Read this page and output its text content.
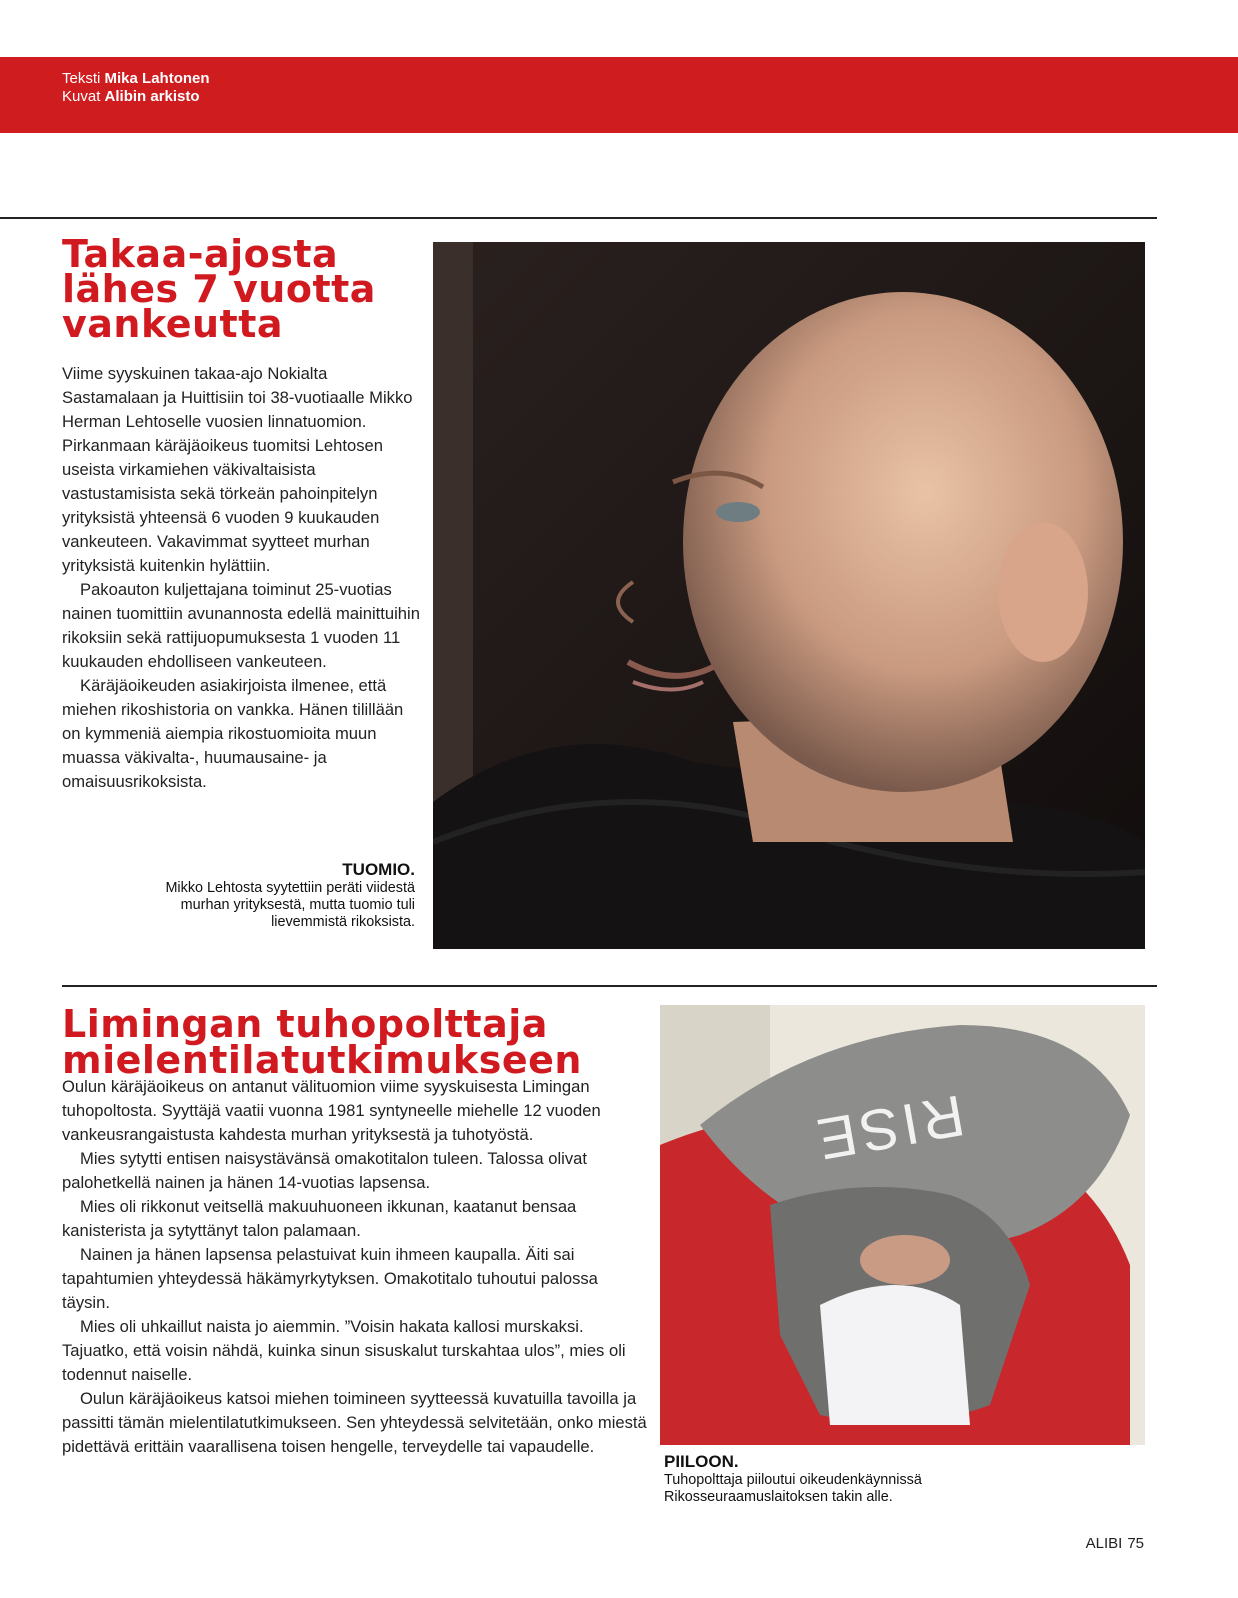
Teksti Mika Lahtonen
Kuvat Alibin arkisto
Takaa-ajosta
lähes 7 vuotta
vankeutta

Viime syyskuinen takaa-ajo Nokialta Sastamalaan ja Huittisiin toi 38-vuotiaalle Mikko Herman Lehtoselle vuosien linnatuomion. Pirkanmaan käräjäoikeus tuomitsi Lehtosen useista virkamiehen väkivaltaisista vastustamisista sekä törkeän pahoinpitelyn yrityksistä yhteensä 6 vuoden 9 kuukauden vankeuteen. Vakavimmat syytteet murhan yrityksistä kuitenkin hylättiin.

Pakoauton kuljettajana toiminut 25-vuotias nainen tuomittiin avunannosta edellä mainittuihin rikoksiin sekä rattijuopumuksesta 1 vuoden 11 kuukauden ehdolliseen vankeuteen.

Käräjäoikeuden asiakirjoista ilmenee, että miehen rikoshistoria on vankka. Hänen tilillään on kymmeniä aiempia rikostuomioita muun muassa väkivalta-, huumausaine- ja omaisuusrikoksista.

TUOMIO.
Mikko Lehtosta syytettiin peräti viidestä murhan yrityksestä, mutta tuomio tuli lievemmistä rikoksista.
Limingan tuhopolttaja
mielentilatutkimukseen

Oulun käräjäoikeus on antanut välituomion viime syyskuisesta Limingan tuhopoltosta. Syyttäjä vaatii vuonna 1981 syntyneelle miehelle 12 vuoden vankeusrangaistusta kahdesta murhan yrityksestä ja tuhotyöstä.

Mies sytytti entisen naisystävänsä omakotitalon tuleen. Talossa olivat palohetkellä nainen ja hänen 14-vuotias lapsensa.

Mies oli rikkonut veitsellä makuuhuoneen ikkunan, kaatanut bensaa kanisterista ja sytyttänyt talon palamaan.

Nainen ja hänen lapsensa pelastuivat kuin ihmeen kaupalla. Äiti sai tapahtumien yhteydessä häkämyrkytyksen. Omakotitalo tuhoutui palossa täysin.

Mies oli uhkaillut naista jo aiemmin. ”Voisin hakata kallosi murskaksi. Tajuatko, että voisin nähdä, kuinka sinun sisuskalut turskahtaa ulos”, mies oli todennut naiselle.

Oulun käräjäoikeus katsoi miehen toimineen syytteessä kuvatuilla tavoilla ja passitti tämän mielentilatutkimukseen. Sen yhteydessä selvitetään, onko miestä pidettävä erittäin vaarallisena toisen hengelle, terveydelle tai vapaudelle.

RISE
PIILOON.
Tuhopolttaja piiloutui oikeudenkäynnissä Rikosseuraamuslaitoksen takin alle.
ALIBI 75
